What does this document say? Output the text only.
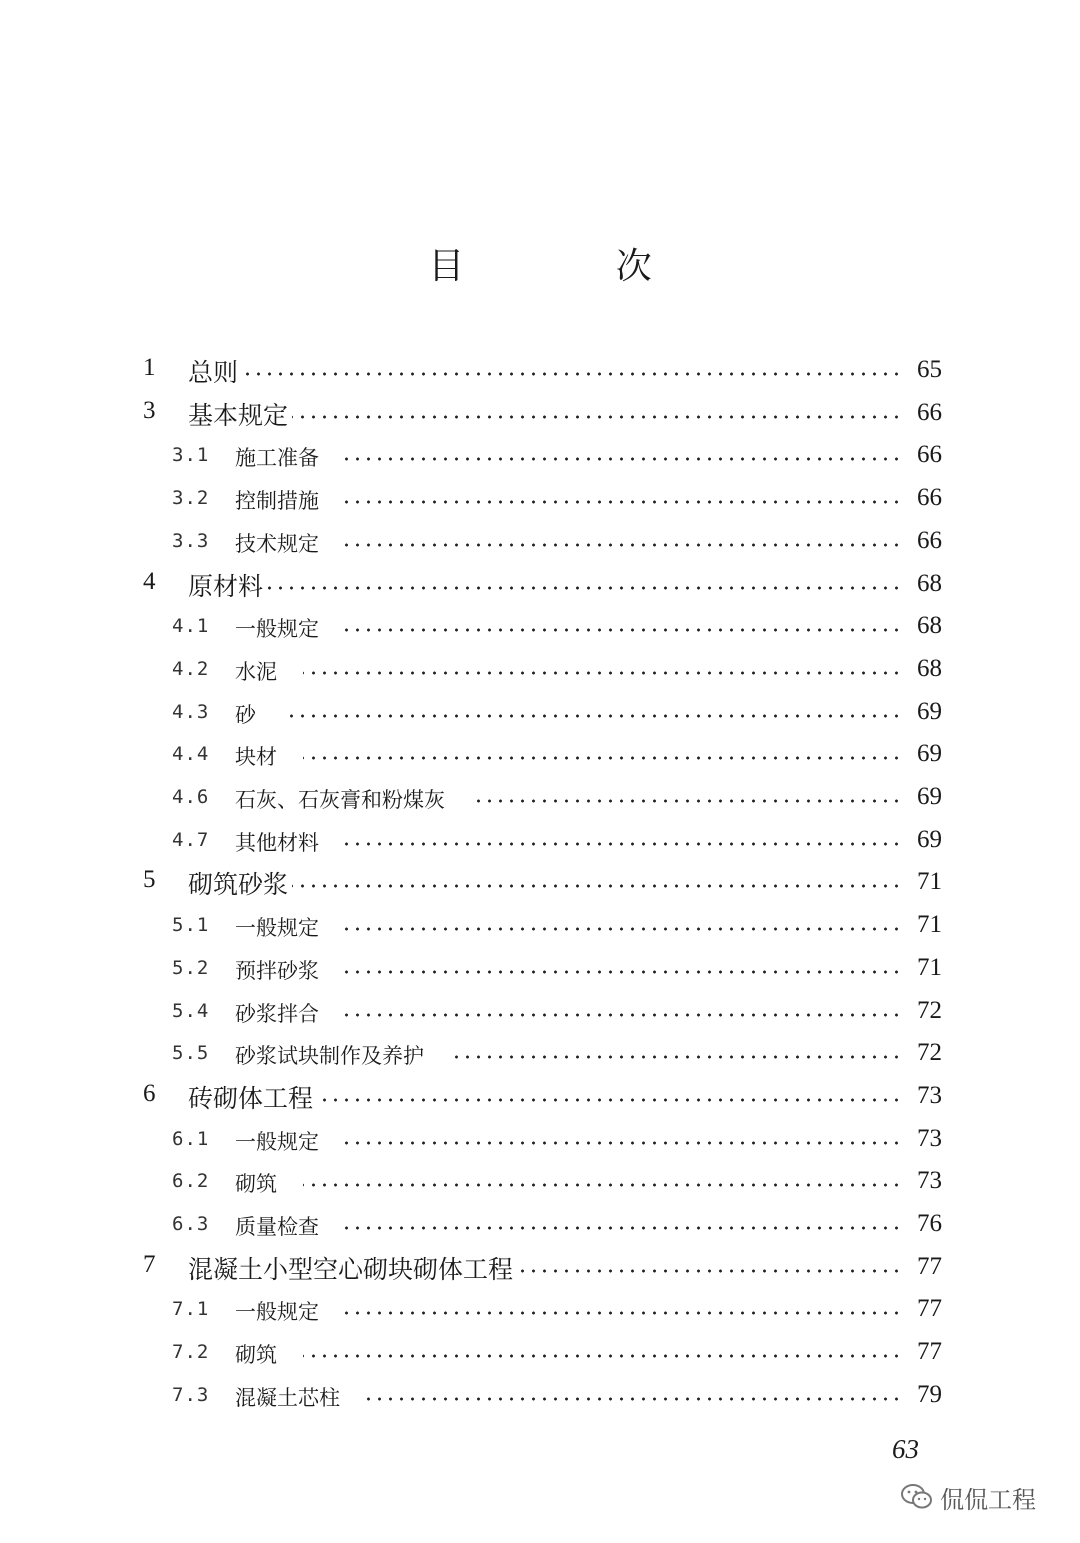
目 次
1 总则	65
3 基本规定	66
3.1 施工准备	66
3.2 控制措施	66
3.3 技术规定	66
4 原材料	68
4.1 一般规定	68
4.2 水泥	68
4.3 砂	69
4.4 块材	69
4.6 石灰、石灰膏和粉煤灰	69
4.7 其他材料	69
5 砌筑砂浆	71
5.1 一般规定	71
5.2 预拌砂浆	71
5.4 砂浆拌合	72
5.5 砂浆试块制作及养护	72
6 砖砌体工程	73
6.1 一般规定	73
6.2 砌筑	73
6.3 质量检查	76
7 混凝土小型空心砌块砌体工程	77
7.1 一般规定	77
7.2 砌筑	77
7.3 混凝土芯柱	79
63
侃侃工程
